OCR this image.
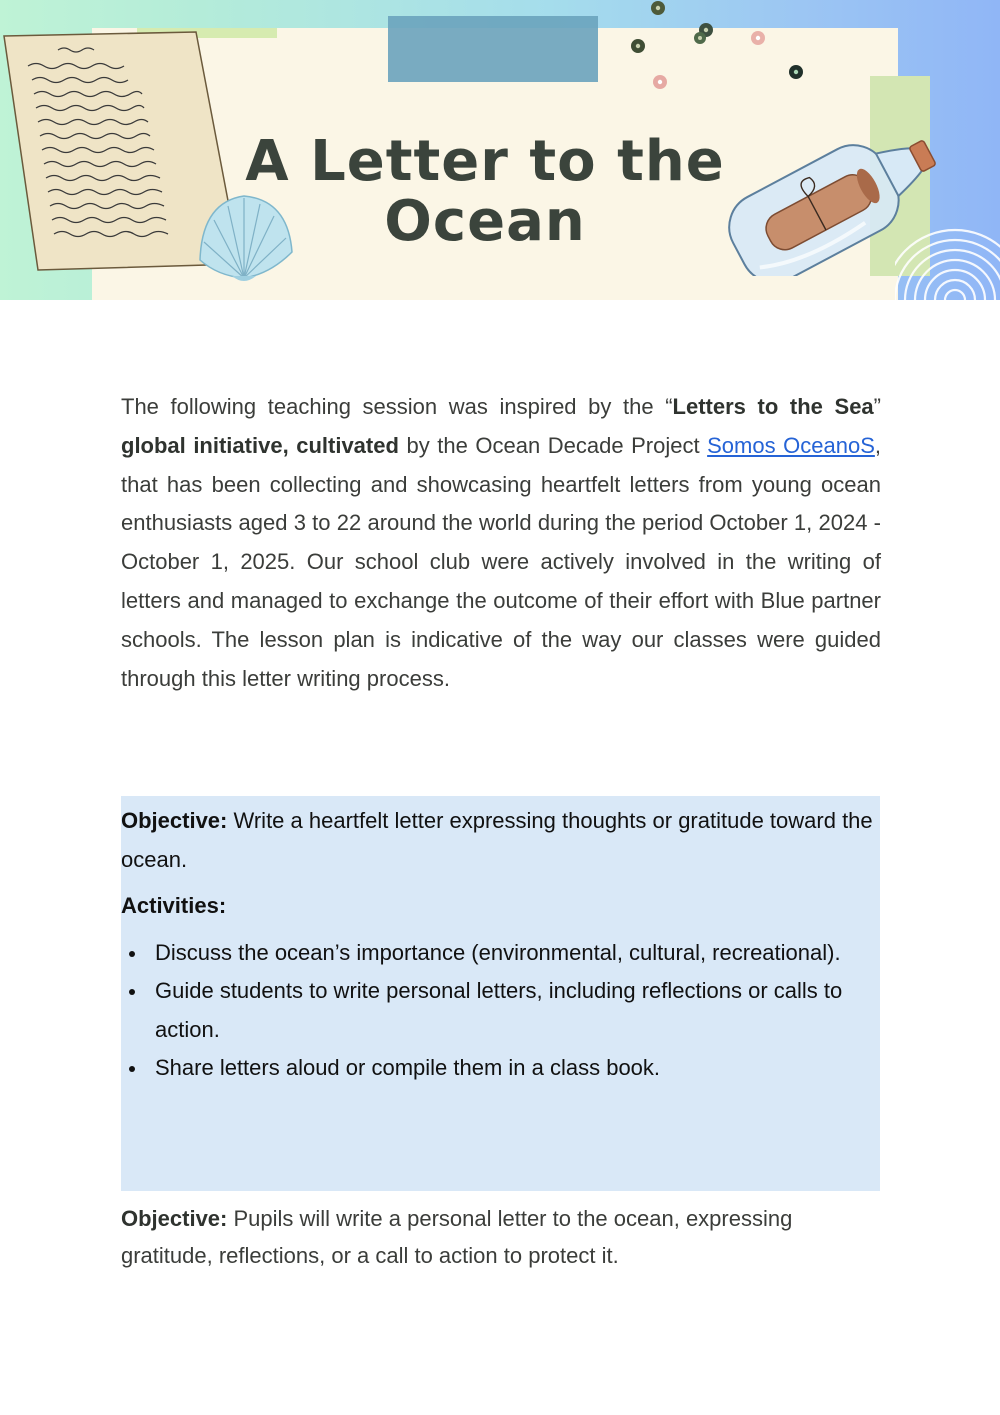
A Letter to the
Ocean

The following teaching session was inspired by the “Letters to the Sea” global initiative, cultivated by the Ocean Decade Project Somos OceanoS, that has been collecting and showcasing heartfelt letters from young ocean enthusiasts aged 3 to 22 around the world during the period October 1, 2024 - October 1, 2025. Our school club were actively involved in the writing of letters and managed to exchange the outcome of their effort with Blue partner schools. The lesson plan is indicative of the way our classes were guided through this letter writing process.

Objective: Write a heartfelt letter expressing thoughts or gratitude toward the ocean.

Activities:

Discuss the ocean’s importance (environmental, cultural, recreational).
Guide students to write personal letters, including reflections or calls to action.
Share letters aloud or compile them in a class book.

Objective: Pupils will write a personal letter to the ocean, expressing gratitude, reflections, or a call to action to protect it.
